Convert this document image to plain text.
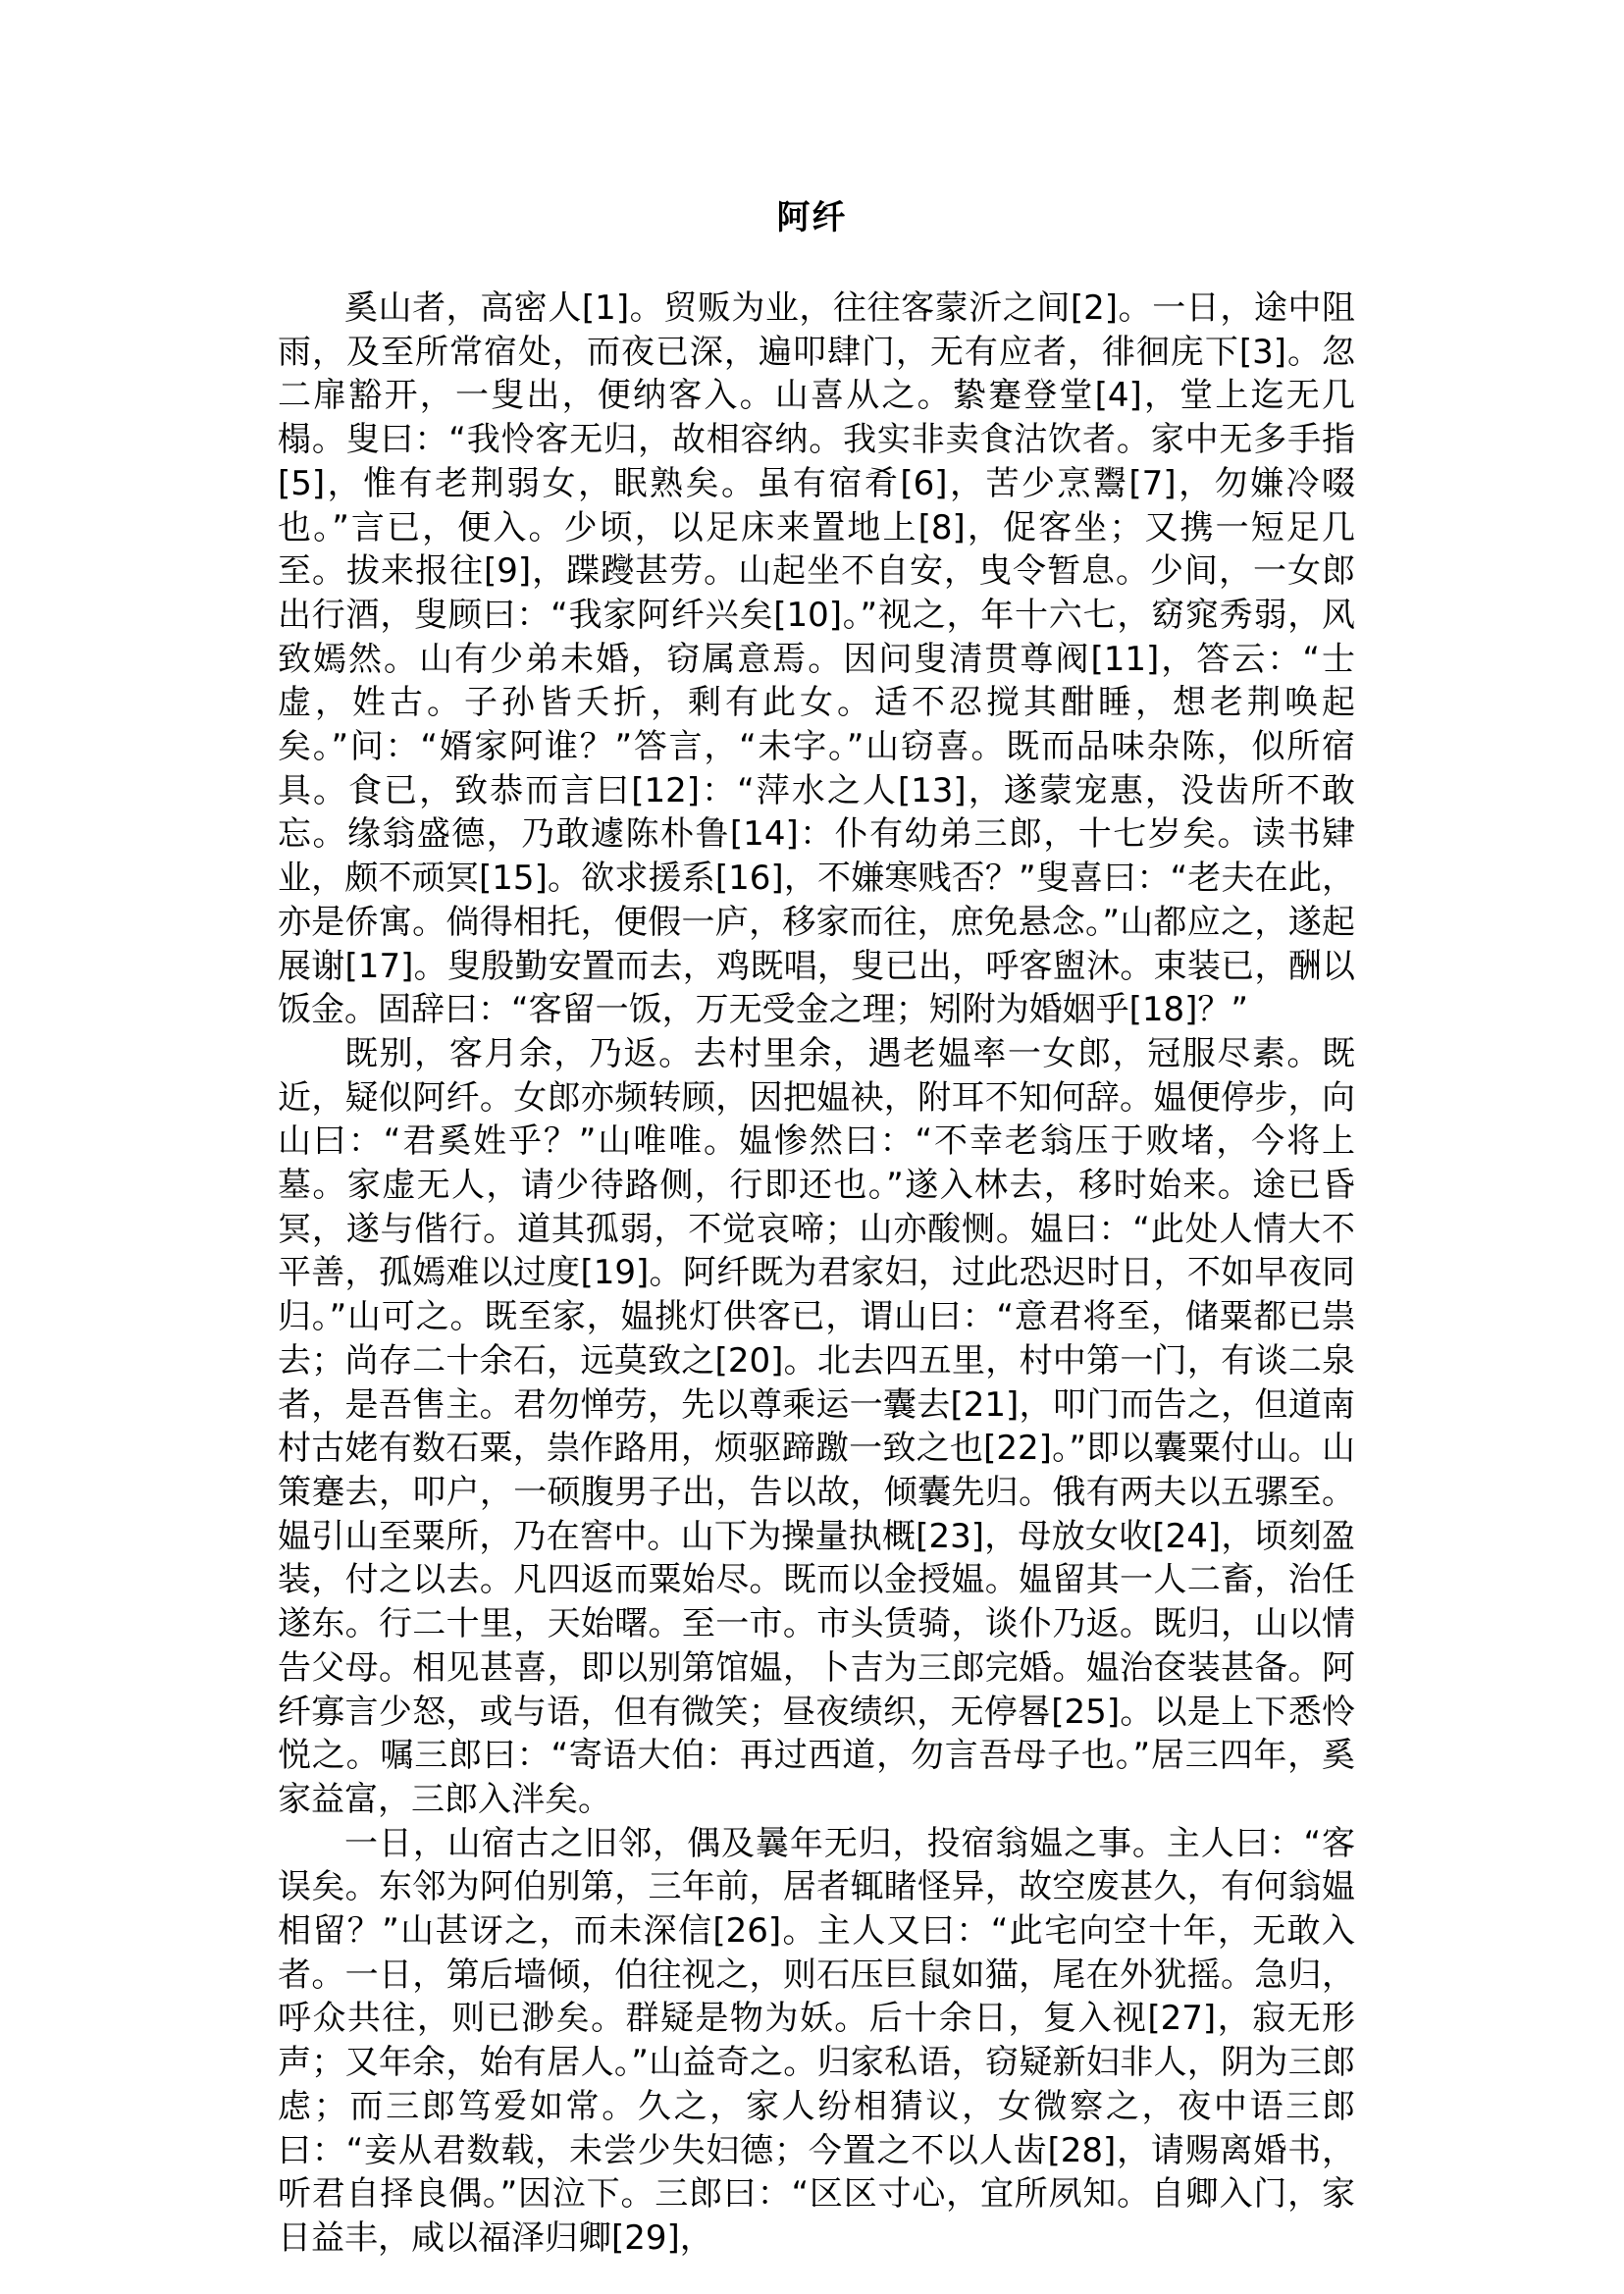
阿纤

奚山者，高密人[1]。贸贩为业，往往客蒙沂之间[2]。一日，途中阻雨，及至所常宿处，而夜已深，遍叩肆门，无有应者，徘徊庑下[3]。忽二扉豁开，一叟出，便纳客入。山喜从之。絷蹇登堂[4]，堂上迄无几榻。叟曰：“我怜客无归，故相容纳。我实非卖食沽饮者。家中无多手指[5]，惟有老荆弱女，眠熟矣。虽有宿肴[6]，苦少烹鬻[7]，勿嫌冷啜也。”言已，便入。少顷，以足床来置地上[8]，促客坐；又携一短足几至。拔来报往[9]，蹀躞甚劳。山起坐不自安，曳令暂息。少间，一女郎出行酒，叟顾曰：“我家阿纤兴矣[10]。”视之，年十六七，窈窕秀弱，风致嫣然。山有少弟未婚，窃属意焉。因问叟清贯尊阀[11]，答云：“士虚，姓古。子孙皆夭折，剩有此女。适不忍搅其酣睡，想老荆唤起矣。”问：“婿家阿谁？”答言，“未字。”山窃喜。既而品味杂陈，似所宿具。食已，致恭而言曰[12]：“萍水之人[13]，遂蒙宠惠，没齿所不敢忘。缘翁盛德，乃敢遽陈朴鲁[14]：仆有幼弟三郎，十七岁矣。读书肄业，颇不顽冥[15]。欲求援系[16]，不嫌寒贱否？”叟喜曰：“老夫在此，亦是侨寓。倘得相托，便假一庐，移家而往，庶免悬念。”山都应之，遂起展谢[17]。叟殷勤安置而去，鸡既唱，叟已出，呼客盥沐。束装已，酬以饭金。固辞曰：“客留一饭，万无受金之理；矧附为婚姻乎[18]？”

既别，客月余，乃返。去村里余，遇老媪率一女郎，冠服尽素。既近，疑似阿纤。女郎亦频转顾，因把媪袂，附耳不知何辞。媪便停步，向山曰：“君奚姓乎？”山唯唯。媪惨然曰：“不幸老翁压于败堵，今将上墓。家虚无人，请少待路侧，行即还也。”遂入林去，移时始来。途已昏冥，遂与偕行。道其孤弱，不觉哀啼；山亦酸恻。媪曰：“此处人情大不平善，孤嫣难以过度[19]。阿纤既为君家妇，过此恐迟时日，不如早夜同归。”山可之。既至家，媪挑灯供客已，谓山曰：“意君将至，储粟都已祟去；尚存二十余石，远莫致之[20]。北去四五里，村中第一门，有谈二泉者，是吾售主。君勿惮劳，先以尊乘运一囊去[21]，叩门而告之，但道南村古姥有数石粟，祟作路用，烦驱蹄躈一致之也[22]。”即以囊粟付山。山策蹇去，叩户，一硕腹男子出，告以故，倾囊先归。俄有两夫以五骡至。媪引山至粟所，乃在窖中。山下为操量执概[23]，母放女收[24]，顷刻盈装，付之以去。凡四返而粟始尽。既而以金授媪。媪留其一人二畜，治任遂东。行二十里，天始曙。至一市。市头赁骑，谈仆乃返。既归，山以情告父母。相见甚喜，即以别第馆媪，卜吉为三郎完婚。媪治奁装甚备。阿纤寡言少怒，或与语，但有微笑；昼夜绩织，无停晷[25]。以是上下悉怜悦之。嘱三郎曰：“寄语大伯：再过西道，勿言吾母子也。”居三四年，奚家益富，三郎入泮矣。

一日，山宿古之旧邻，偶及曩年无归，投宿翁媪之事。主人曰：“客误矣。东邻为阿伯别第，三年前，居者辄睹怪异，故空废甚久，有何翁媪相留？”山甚讶之，而未深信[26]。主人又曰：“此宅向空十年，无敢入者。一日，第后墙倾，伯往视之，则石压巨鼠如猫，尾在外犹摇。急归，呼众共往，则已渺矣。群疑是物为妖。后十余日，复入视[27]，寂无形声；又年余，始有居人。”山益奇之。归家私语，窃疑新妇非人，阴为三郎虑；而三郎笃爱如常。久之，家人纷相猜议，女微察之，夜中语三郎曰：“妾从君数载，未尝少失妇德；今置之不以人齿[28]，请赐离婚书，听君自择良偶。”因泣下。三郎曰：“区区寸心，宜所夙知。自卿入门，家日益丰，咸以福泽归卿[29]，
